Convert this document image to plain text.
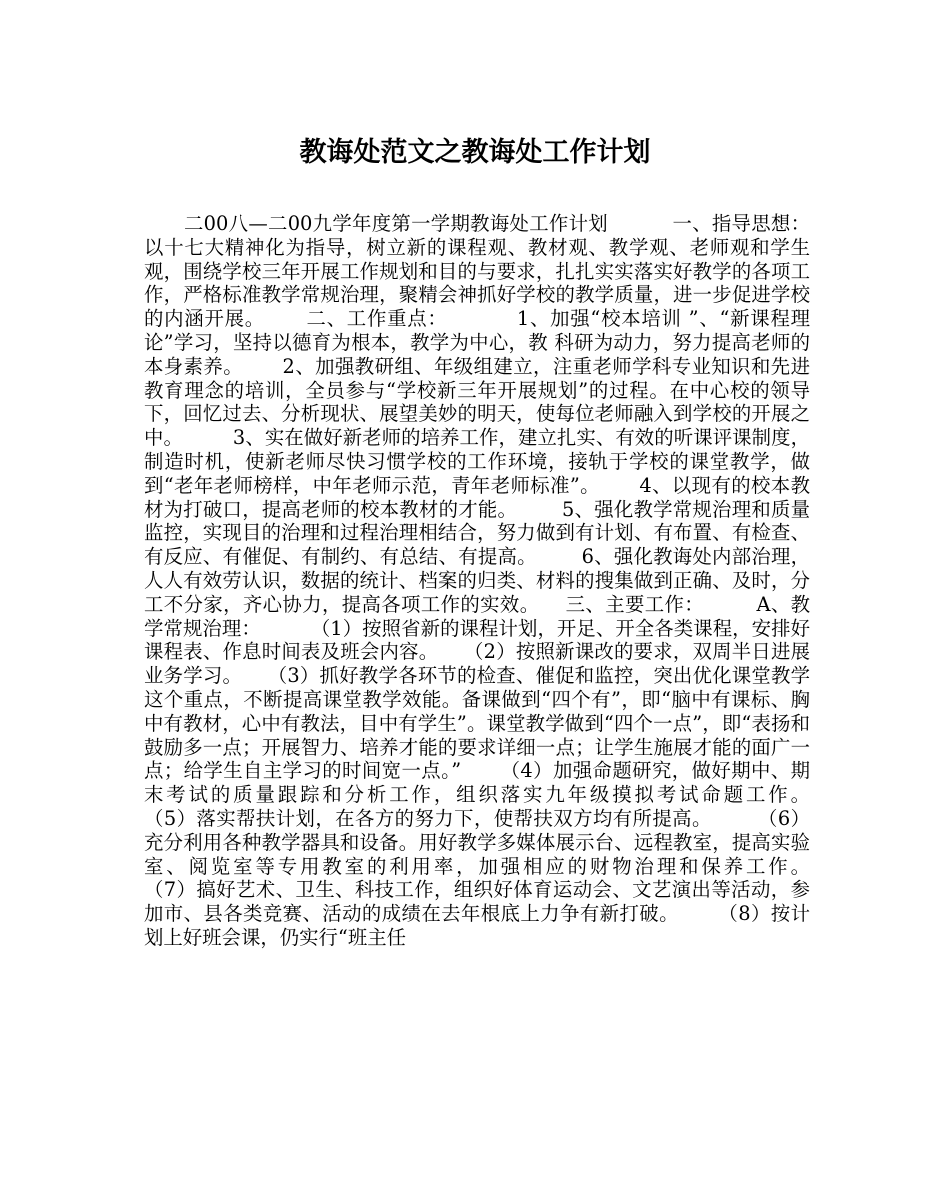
教诲处范文之教诲处工作计划

二00八—二00九学年度第一学期教诲处工作计划          一、指导思想：          以十七大精神化为指导，树立新的课程观、教材观、教学观、老师观和学生观，围绕学校三年开展工作规划和目的与要求，扎扎实实落实好教学的各项工作，严格标准教学常规治理，聚精会神抓好学校的教学质量，进一步促进学校的内涵开展。      二、工作重点：          1、加强“校本培训 ”、“新课程理论”学习，坚持以德育为根本，教学为中心，教 科研为动力，努力提高老师的本身素养。      2、加强教研组、年级组建立，注重老师学科专业知识和先进教育理念的培训，全员参与“学校新三年开展规划”的过程。在中心校的领导下，回忆过去、分析现状、展望美妙的明天，使每位老师融入到学校的开展之中。        3、实在做好新老师的培养工作，建立扎实、有效的听课评课制度，制造时机，使新老师尽快习惯学校的工作环境，接轨于学校的课堂教学，做到“老年老师榜样，中年老师示范，青年老师标准”。      4、以现有的校本教材为打破口，提高老师的校本教材的才能。       5、强化教学常规治理和质量监控，实现目的治理和过程治理相结合，努力做到有计划、有布置、有检查、有反应、有催促、有制约、有总结、有提高。       6、强化教诲处内部治理，人人有效劳认识，数据的统计、档案的归类、材料的搜集做到正确、及时，分工不分家，齐心协力，提高各项工作的实效。    三、主要工作：        A、教学常规治理：        （1）按照省新的课程计划，开足、开全各类课程，安排好课程表、作息时间表及班会内容。    （2）按照新课改的要求，双周半日进展业务学习。    （3）抓好教学各环节的检查、催促和监控，突出优化课堂教学这个重点，不断提高课堂教学效能。备课做到“四个有”，即“脑中有课标、胸中有教材，心中有教法，目中有学生”。课堂教学做到“四个一点”，即“表扬和鼓励多一点；开展智力、培养才能的要求详细一点；让学生施展才能的面广一点；给学生自主学习的时间宽一点。”      （4）加强命题研究，做好期中、期末考试的质量跟踪和分析工作，组织落实九年级摸拟考试命题工作。       （5）落实帮扶计划，在各方的努力下，使帮扶双方均有所提高。       （6）充分利用各种教学器具和设备。用好教学多媒体展示台、远程教室，提高实验室、阅览室等专用教室的利用率，加强相应的财物治理和保养工作。       （7）搞好艺术、卫生、科技工作，组织好体育运动会、文艺演出等活动，参加市、县各类竞赛、活动的成绩在去年根底上力争有新打破。      （8）按计划上好班会课，仍实行“班主任
